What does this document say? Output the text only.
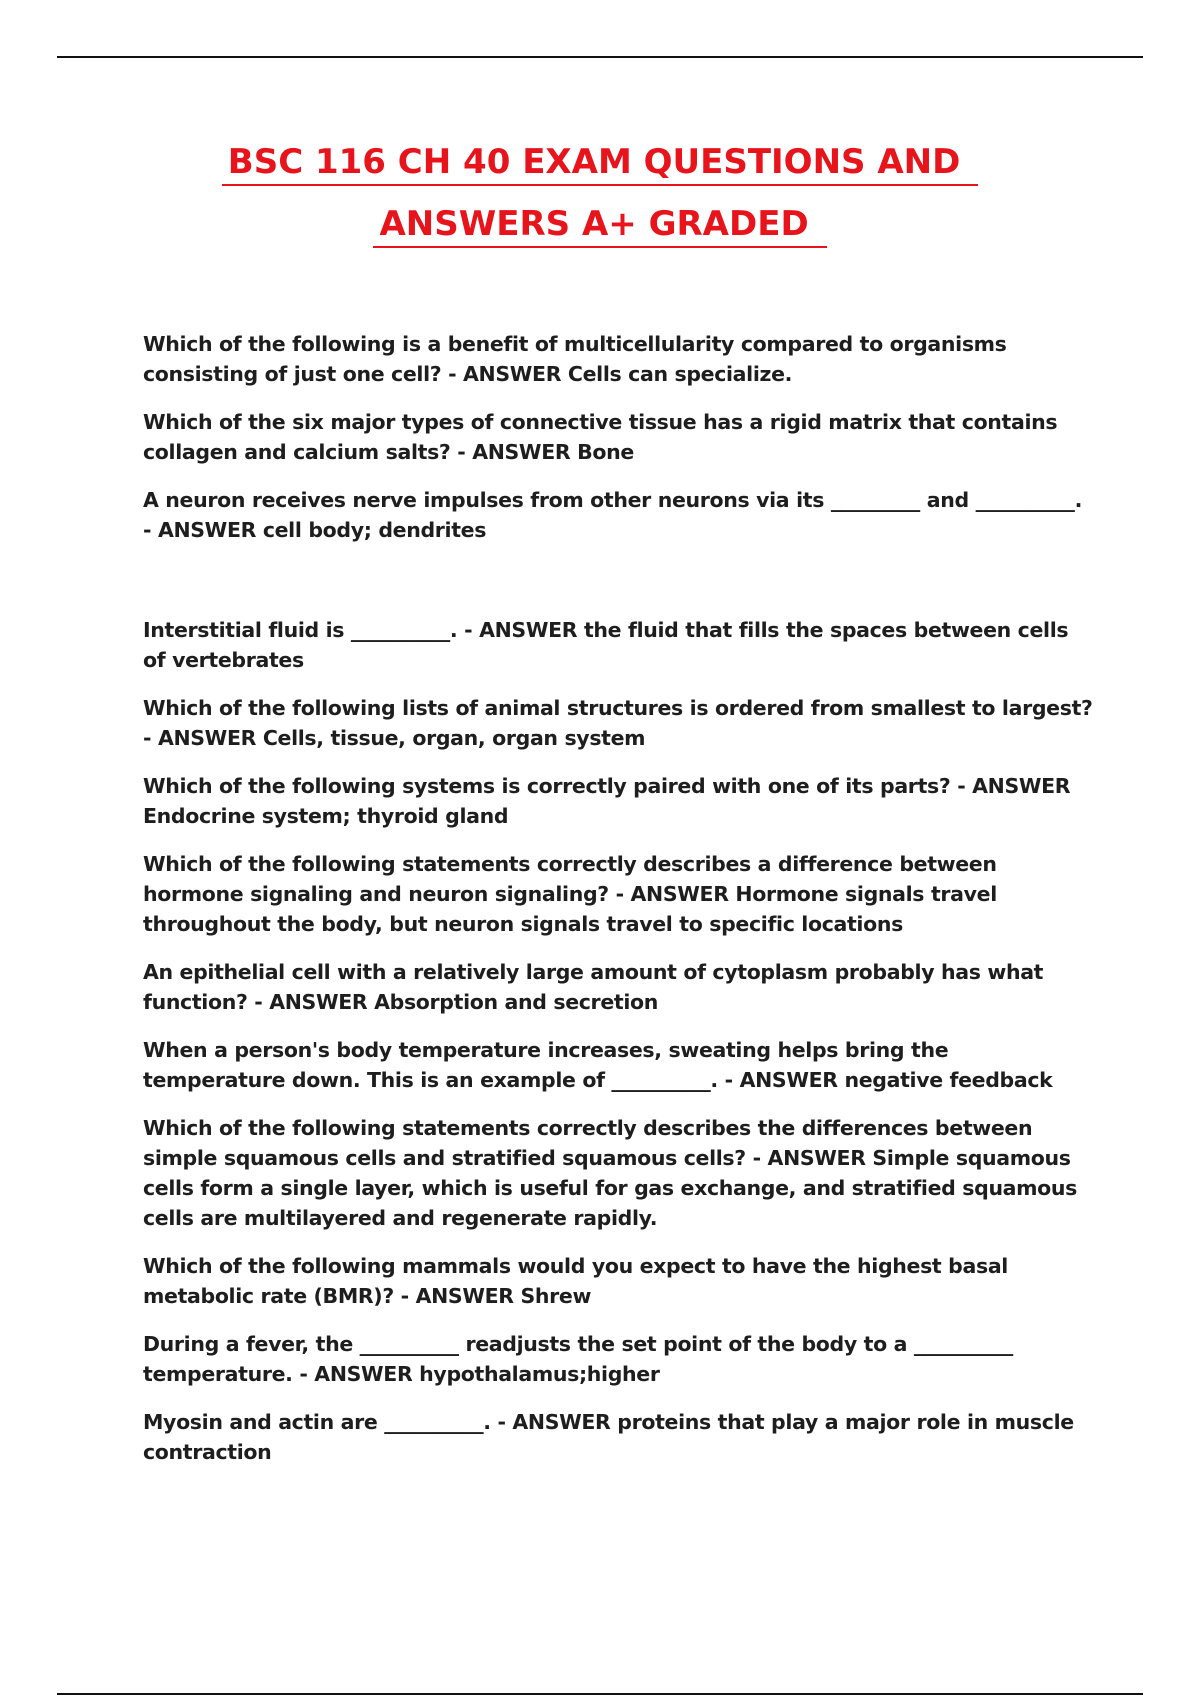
BSC 116 CH 40 EXAM QUESTIONS AND
ANSWERS A+ GRADED
Which of the following is a benefit of multicellularity compared to organisms consisting of just one cell? - ANSWER Cells can specialize.
Which of the six major types of connective tissue has a rigid matrix that contains collagen and calcium salts? - ANSWER Bone
A neuron receives nerve impulses from other neurons via its _________ and __________. - ANSWER cell body; dendrites
Interstitial fluid is __________. - ANSWER the fluid that fills the spaces between cells of vertebrates
Which of the following lists of animal structures is ordered from smallest to largest? - ANSWER Cells, tissue, organ, organ system
Which of the following systems is correctly paired with one of its parts? - ANSWER Endocrine system; thyroid gland
Which of the following statements correctly describes a difference between hormone signaling and neuron signaling? - ANSWER Hormone signals travel throughout the body, but neuron signals travel to specific locations
An epithelial cell with a relatively large amount of cytoplasm probably has what function? - ANSWER Absorption and secretion
When a person's body temperature increases, sweating helps bring the temperature down. This is an example of __________. - ANSWER negative feedback
Which of the following statements correctly describes the differences between simple squamous cells and stratified squamous cells? - ANSWER Simple squamous cells form a single layer, which is useful for gas exchange, and stratified squamous cells are multilayered and regenerate rapidly.
Which of the following mammals would you expect to have the highest basal metabolic rate (BMR)? - ANSWER Shrew
During a fever, the __________ readjusts the set point of the body to a __________ temperature. - ANSWER hypothalamus;higher
Myosin and actin are __________. - ANSWER proteins that play a major role in muscle contraction
